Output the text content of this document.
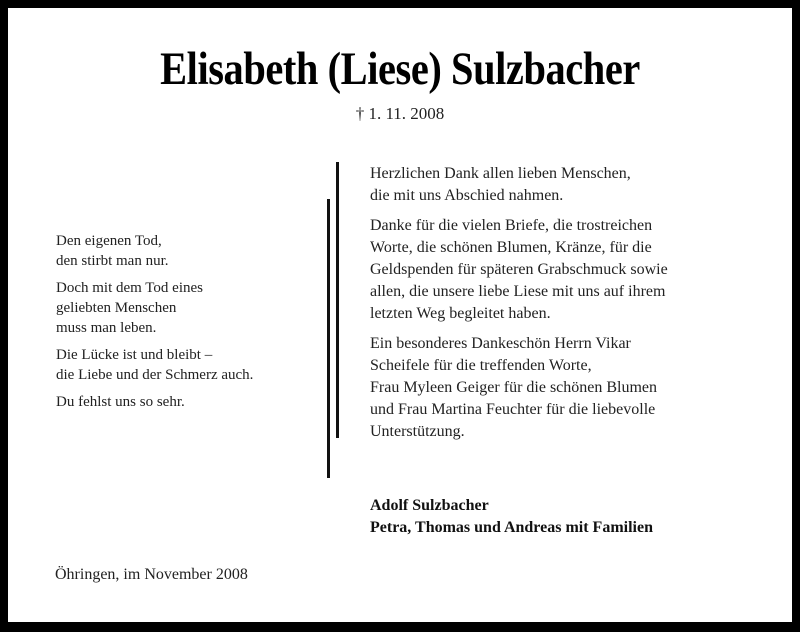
Elisabeth (Liese) Sulzbacher
† 1. 11. 2008

Den eigenen Tod,
den stirbt man nur.

Doch mit dem Tod eines
geliebten Menschen
muss man leben.

Die Lücke ist und bleibt –
die Liebe und der Schmerz auch.

Du fehlst uns so sehr.

Herzlichen Dank allen lieben Menschen,
die mit uns Abschied nahmen.

Danke für die vielen Briefe, die trostreichen
Worte, die schönen Blumen, Kränze, für die
Geldspenden für späteren Grabschmuck sowie
allen, die unsere liebe Liese mit uns auf ihrem
letzten Weg begleitet haben.

Ein besonderes Dankeschön Herrn Vikar
Scheifele für die treffenden Worte,
Frau Myleen Geiger für die schönen Blumen
und Frau Martina Feuchter für die liebevolle
Unterstützung.

Adolf Sulzbacher
Petra, Thomas und Andreas mit Familien
Öhringen, im November 2008
